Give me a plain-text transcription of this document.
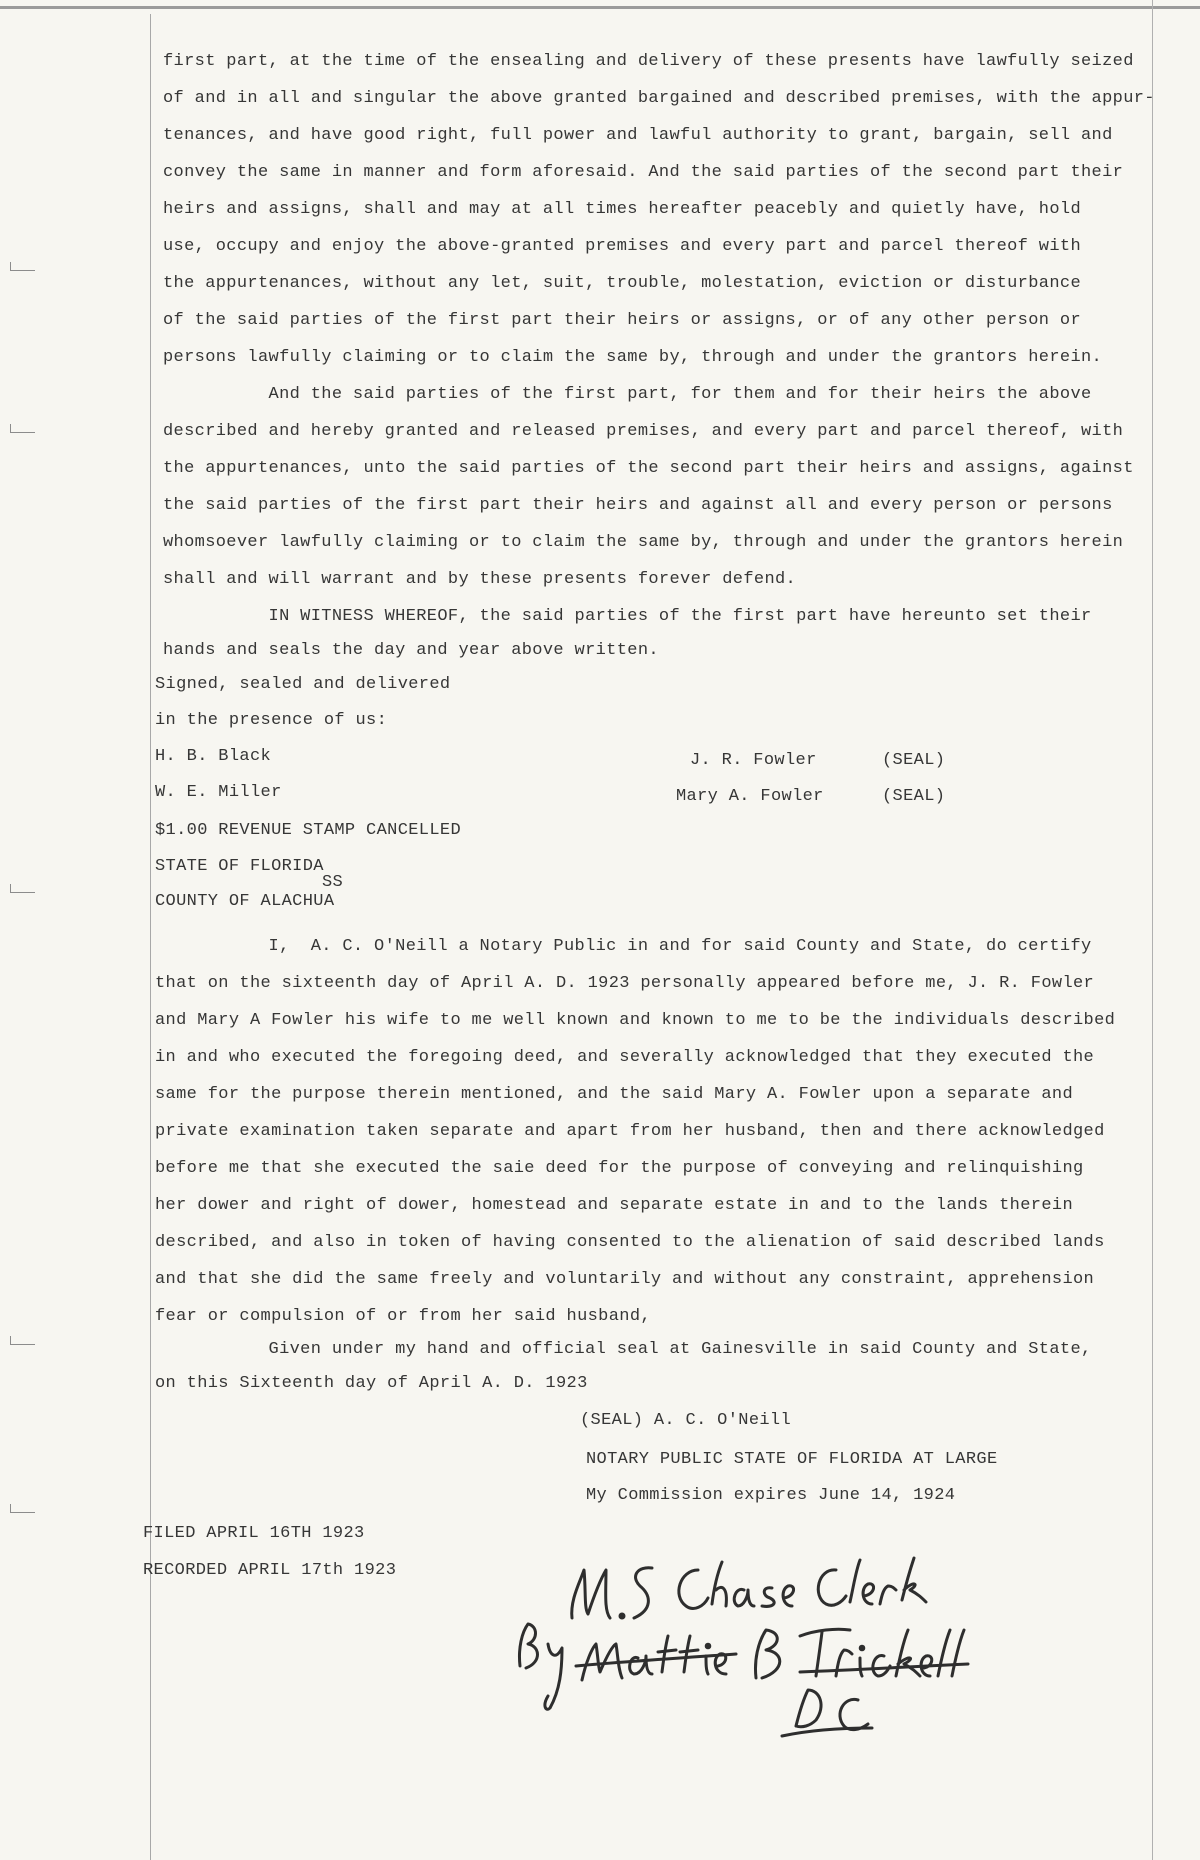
first part, at the time of the ensealing and delivery of these presents have lawfully seized
of and in all and singular the above granted bargained and described premises, with the appur-
tenances, and have good right, full power and lawful authority to grant, bargain, sell and
convey the same in manner and form aforesaid. And the said parties of the second part their
heirs and assigns, shall and may at all times hereafter peacebly and quietly have, hold
use, occupy and enjoy the above-granted premises and every part and parcel thereof with
the appurtenances, without any let, suit, trouble, molestation, eviction or disturbance
of the said parties of the first part their heirs or assigns, or of any other person or
persons lawfully claiming or to claim the same by, through and under the grantors herein.
And the said parties of the first part, for them and for their heirs the above
described and hereby granted and released premises, and every part and parcel thereof, with
the appurtenances, unto the said parties of the second part their heirs and assigns, against
the said parties of the first part their heirs and against all and every person or persons
whomsoever lawfully claiming or to claim the same by, through and under the grantors herein
shall and will warrant and by these presents forever defend.
IN WITNESS WHEREOF, the said parties of the first part have hereunto set their
hands and seals the day and year above written.
Signed, sealed and delivered
in the presence of us:
H. B. Black
W. E. Miller
J. R. Fowler	(SEAL)
Mary A. Fowler	(SEAL)
$1.00 REVENUE STAMP CANCELLED
STATE OF FLORIDA
SS
COUNTY OF ALACHUA
I,  A. C. O'Neill a Notary Public in and for said County and State, do certify
that on the sixteenth day of April A. D. 1923 personally appeared before me, J. R. Fowler
and Mary A Fowler his wife to me well known and known to me to be the individuals described
in and who executed the foregoing deed, and severally acknowledged that they executed the
same for the purpose therein mentioned, and the said Mary A. Fowler upon a separate and
private examination taken separate and apart from her husband, then and there acknowledged
before me that she executed the saie deed for the purpose of conveying and relinquishing
her dower and right of dower, homestead and separate estate in and to the lands therein
described, and also in token of having consented to the alienation of said described lands
and that she did the same freely and voluntarily and without any constraint, apprehension
fear or compulsion of or from her said husband,
Given under my hand and official seal at Gainesville in said County and State,
on this Sixteenth day of April A. D. 1923
(SEAL) A. C. O'Neill
NOTARY PUBLIC STATE OF FLORIDA AT LARGE
My Commission expires June 14, 1924
FILED APRIL 16TH 1923
RECORDED APRIL 17th 1923
